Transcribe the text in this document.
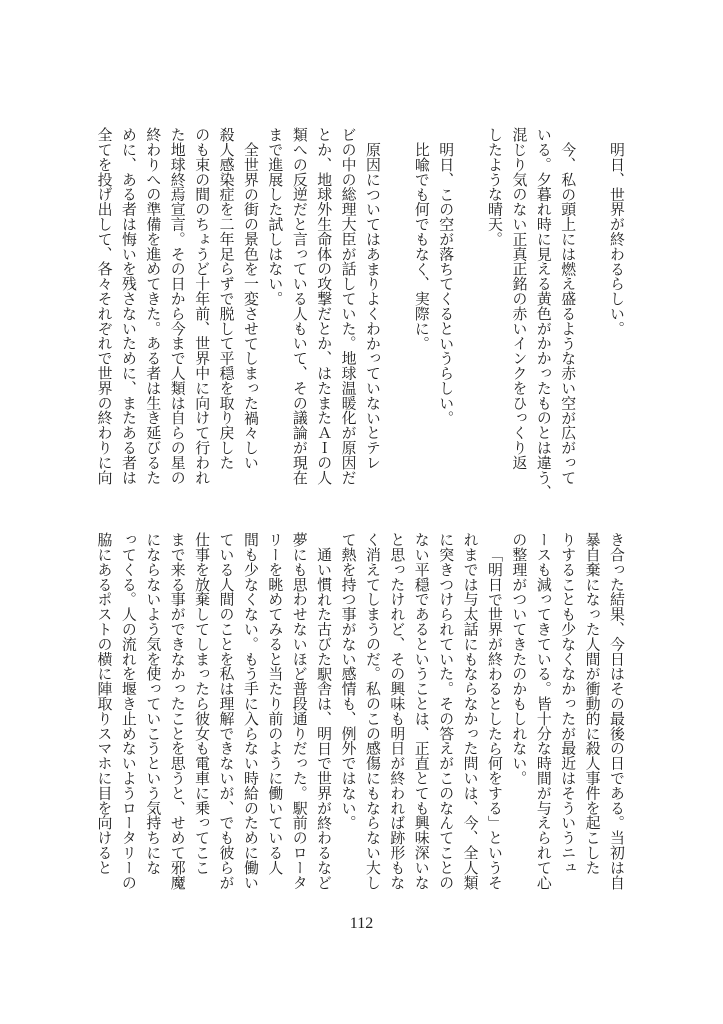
明日、世界が終わるらしい。
今、私の頭上には燃え盛るような赤い空が広がって
いる。夕暮れ時に見える黄色がかかったものとは違う、
混じり気のない正真正銘の赤いインクをひっくり返
したような晴天。
明日、この空が落ちてくるというらしい。
比喩でも何でもなく、実際に。
原因についてはあまりよくわかっていないとテレ
ビの中の総理大臣が話していた。地球温暖化が原因だ
とか、地球外生命体の攻撃だとか、はたまたＡＩの人
類への反逆だと言っている人もいて、その議論が現在
まで進展した試しはない。
全世界の街の景色を一変させてしまった禍々しい
殺人感染症を二年足らずで脱して平穏を取り戻した
のも束の間のちょうど十年前、世界中に向けて行われ
た地球終焉宣言。その日から今まで人類は自らの星の
終わりへの準備を進めてきた。ある者は生き延びるた
めに、ある者は悔いを残さないために、またある者は
全てを投げ出して、各々それぞれで世界の終わりに向
き合った結果、今日はその最後の日である。当初は自
暴自棄になった人間が衝動的に殺人事件を起こした
りすることも少なくなかったが最近はそういうニュ
ースも減ってきている。皆十分な時間が与えられて心
の整理がついてきたのかもしれない。
「明日で世界が終わるとしたら何をする」というそ
れまでは与太話にもならなかった問いは、今、全人類
に突きつけられていた。その答えがこのなんてことの
ない平穏であるということは、正直とても興味深いな
と思ったけれど、その興味も明日が終われば跡形もな
く消えてしまうのだ。私のこの感傷にもならない大し
て熱を持つ事がない感情も、例外ではない。
通い慣れた古びた駅舎は、明日で世界が終わるなど
夢にも思わせないほど普段通りだった。駅前のロータ
リーを眺めてみると当たり前のように働いている人
間も少なくない。もう手に入らない時給のために働い
ている人間のことを私は理解できないが、でも彼らが
仕事を放棄してしまったら彼女も電車に乗ってここ
まで来る事ができなかったことを思うと、せめて邪魔
にならないよう気を使っていこうという気持ちにな
ってくる。人の流れを堰き止めないようロータリーの
脇にあるポストの横に陣取りスマホに目を向けると
112
